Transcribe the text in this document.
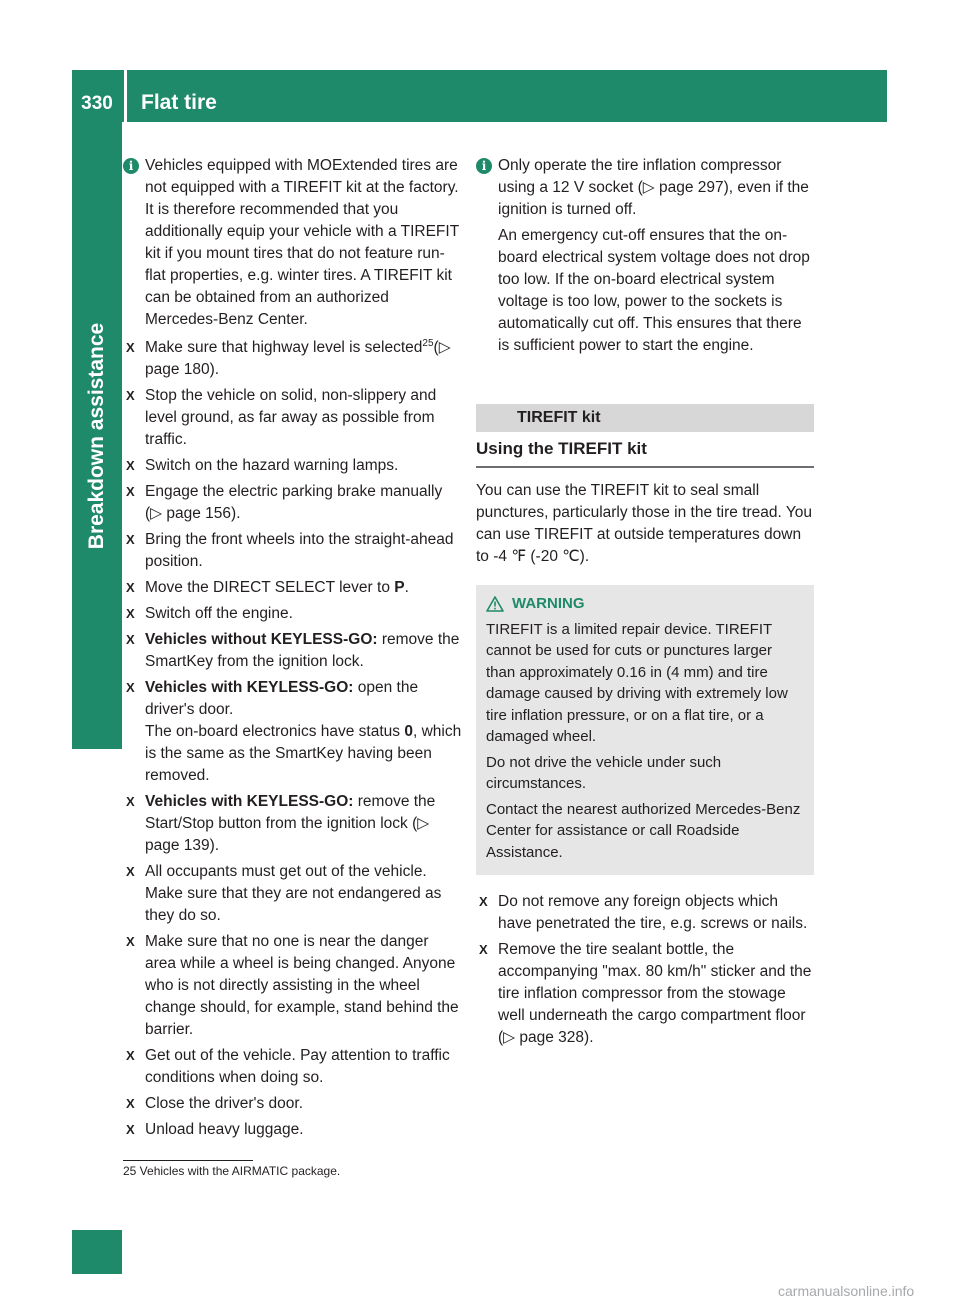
330	Flat tire
Breakdown assistance
i Vehicles equipped with MOExtended tires are not equipped with a TIREFIT kit at the factory. It is therefore recommended that you additionally equip your vehicle with a TIREFIT kit if you mount tires that do not feature run-flat properties, e.g. winter tires. A TIREFIT kit can be obtained from an authorized Mercedes-Benz Center.

X Make sure that highway level is selected$^{25}$(▷ page 180).
X Stop the vehicle on solid, non-slippery and level ground, as far away as possible from traffic.
X Switch on the hazard warning lamps.
X Engage the electric parking brake manually (▷ page 156).
X Bring the front wheels into the straight-ahead position.
X Move the DIRECT SELECT lever to P.
X Switch off the engine.
X Vehicles without KEYLESS-GO: remove the SmartKey from the ignition lock.
X Vehicles with KEYLESS-GO: open the driver's door.
The on-board electronics have status 0, which is the same as the SmartKey having been removed.
X Vehicles with KEYLESS-GO: remove the Start/Stop button from the ignition lock (▷ page 139).
X All occupants must get out of the vehicle. Make sure that they are not endangered as they do so.
X Make sure that no one is near the danger area while a wheel is being changed. Anyone who is not directly assisting in the wheel change should, for example, stand behind the barrier.
X Get out of the vehicle. Pay attention to traffic conditions when doing so.
X Close the driver's door.
X Unload heavy luggage.
i Only operate the tire inflation compressor using a 12 V socket (▷ page 297), even if the ignition is turned off.

An emergency cut-off ensures that the on-board electrical system voltage does not drop too low. If the on-board electrical system voltage is too low, power to the sockets is automatically cut off. This ensures that there is sufficient power to start the engine.

TIREFIT kit
Using the TIREFIT kit

You can use the TIREFIT kit to seal small punctures, particularly those in the tire tread. You can use TIREFIT at outside temperatures down to -4 ℉ (-20 ℃).

WARNING

TIREFIT is a limited repair device. TIREFIT cannot be used for cuts or punctures larger than approximately 0.16 in (4 mm) and tire damage caused by driving with extremely low tire inflation pressure, or on a flat tire, or a damaged wheel.

Do not drive the vehicle under such circumstances.

Contact the nearest authorized Mercedes-Benz Center for assistance or call Roadside Assistance.

X Do not remove any foreign objects which have penetrated the tire, e.g. screws or nails.
X Remove the tire sealant bottle, the accompanying "max. 80 km/h" sticker and the tire inflation compressor from the stowage well underneath the cargo compartment floor (▷ page 328).
25 Vehicles with the AIRMATIC package.
carmanualsonline.info
